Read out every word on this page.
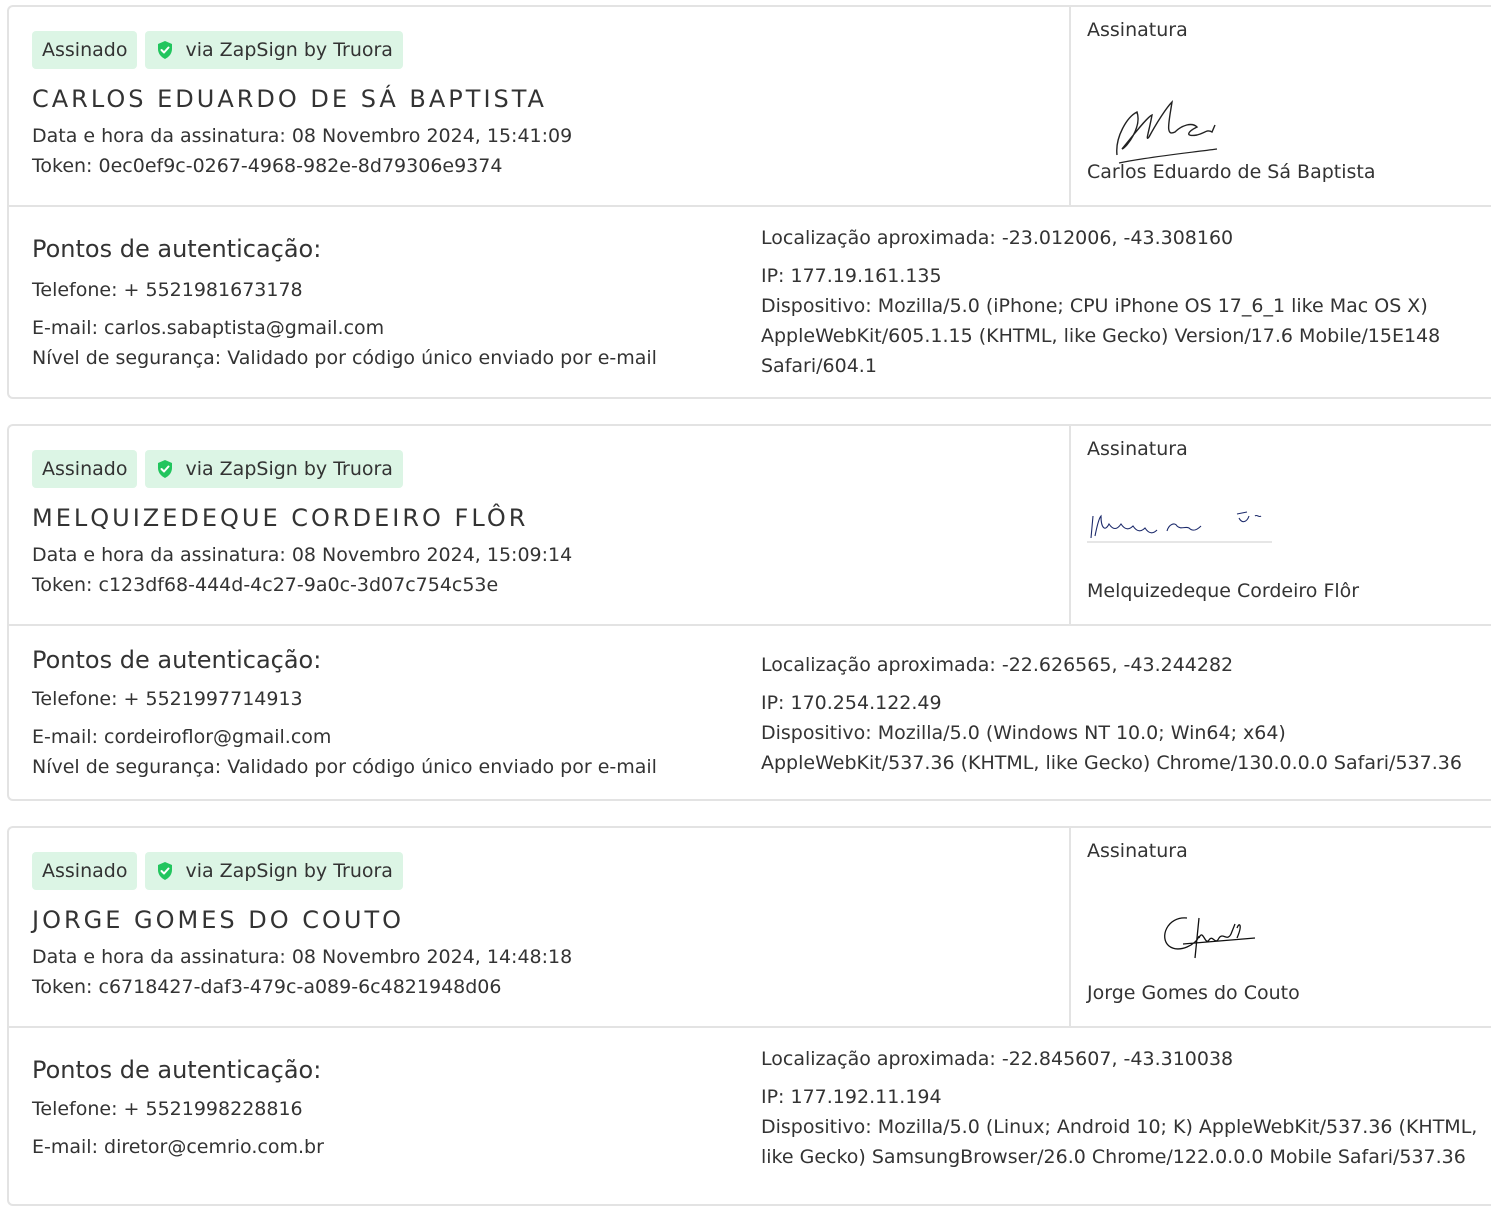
Assinado	via ZapSign by Truora
CARLOS EDUARDO DE SÁ BAPTISTA
Data e hora da assinatura: 08 Novembro 2024, 15:41:09
Token: 0ec0ef9c-0267-4968-982e-8d79306e9374
Assinatura
Carlos Eduardo de Sá Baptista
Pontos de autenticação:
Telefone: + 5521981673178
E-mail: carlos.sabaptista@gmail.com
Nível de segurança: Validado por código único enviado por e-mail
Localização aproximada: -23.012006, -43.308160
IP: 177.19.161.135
Dispositivo: Mozilla/5.0 (iPhone; CPU iPhone OS 17_6_1 like Mac OS X) AppleWebKit/605.1.15 (KHTML, like Gecko) Version/17.6 Mobile/15E148 Safari/604.1
Assinado	via ZapSign by Truora
MELQUIZEDEQUE CORDEIRO FLÔR
Data e hora da assinatura: 08 Novembro 2024, 15:09:14
Token: c123df68-444d-4c27-9a0c-3d07c754c53e
Assinatura
Melquizedeque Cordeiro Flôr
Pontos de autenticação:
Telefone: + 5521997714913
E-mail: cordeiroflor@gmail.com
Nível de segurança: Validado por código único enviado por e-mail
Localização aproximada: -22.626565, -43.244282
IP: 170.254.122.49
Dispositivo: Mozilla/5.0 (Windows NT 10.0; Win64; x64) AppleWebKit/537.36 (KHTML, like Gecko) Chrome/130.0.0.0 Safari/537.36
Assinado	via ZapSign by Truora
JORGE GOMES DO COUTO
Data e hora da assinatura: 08 Novembro 2024, 14:48:18
Token: c6718427-daf3-479c-a089-6c4821948d06
Assinatura
Jorge Gomes do Couto
Pontos de autenticação:
Telefone: + 5521998228816
E-mail: diretor@cemrio.com.br
Localização aproximada: -22.845607, -43.310038
IP: 177.192.11.194
Dispositivo: Mozilla/5.0 (Linux; Android 10; K) AppleWebKit/537.36 (KHTML, like Gecko) SamsungBrowser/26.0 Chrome/122.0.0.0 Mobile Safari/537.36
